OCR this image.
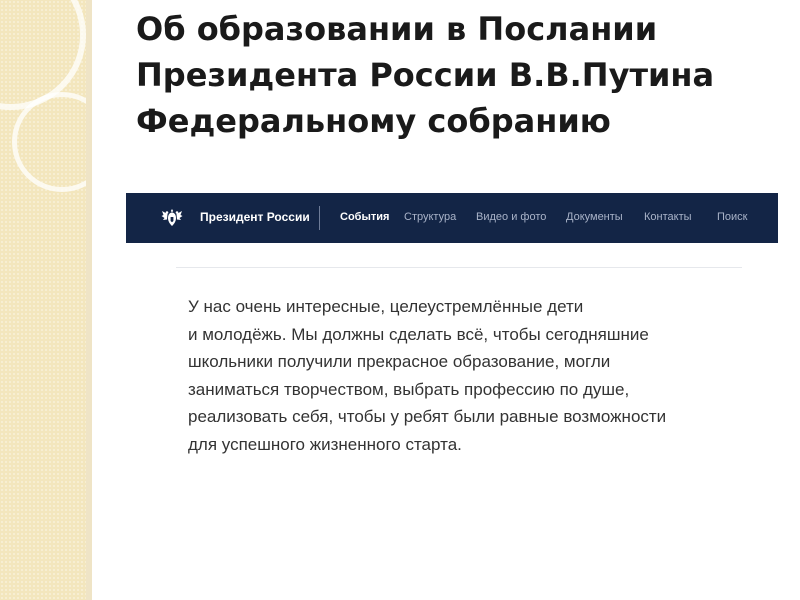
Об образовании в Послании
Президента России В.В.Путина
Федеральному собранию
Президент России	События Структура Видео и фото Документы Контакты Поиск

У нас очень интересные, целеустремлённые дети
и молодёжь. Мы должны сделать всё, чтобы сегодняшние
школьники получили прекрасное образование, могли
заниматься творчеством, выбрать профессию по душе,
реализовать себя, чтобы у ребят были равные возможности
для успешного жизненного старта.
